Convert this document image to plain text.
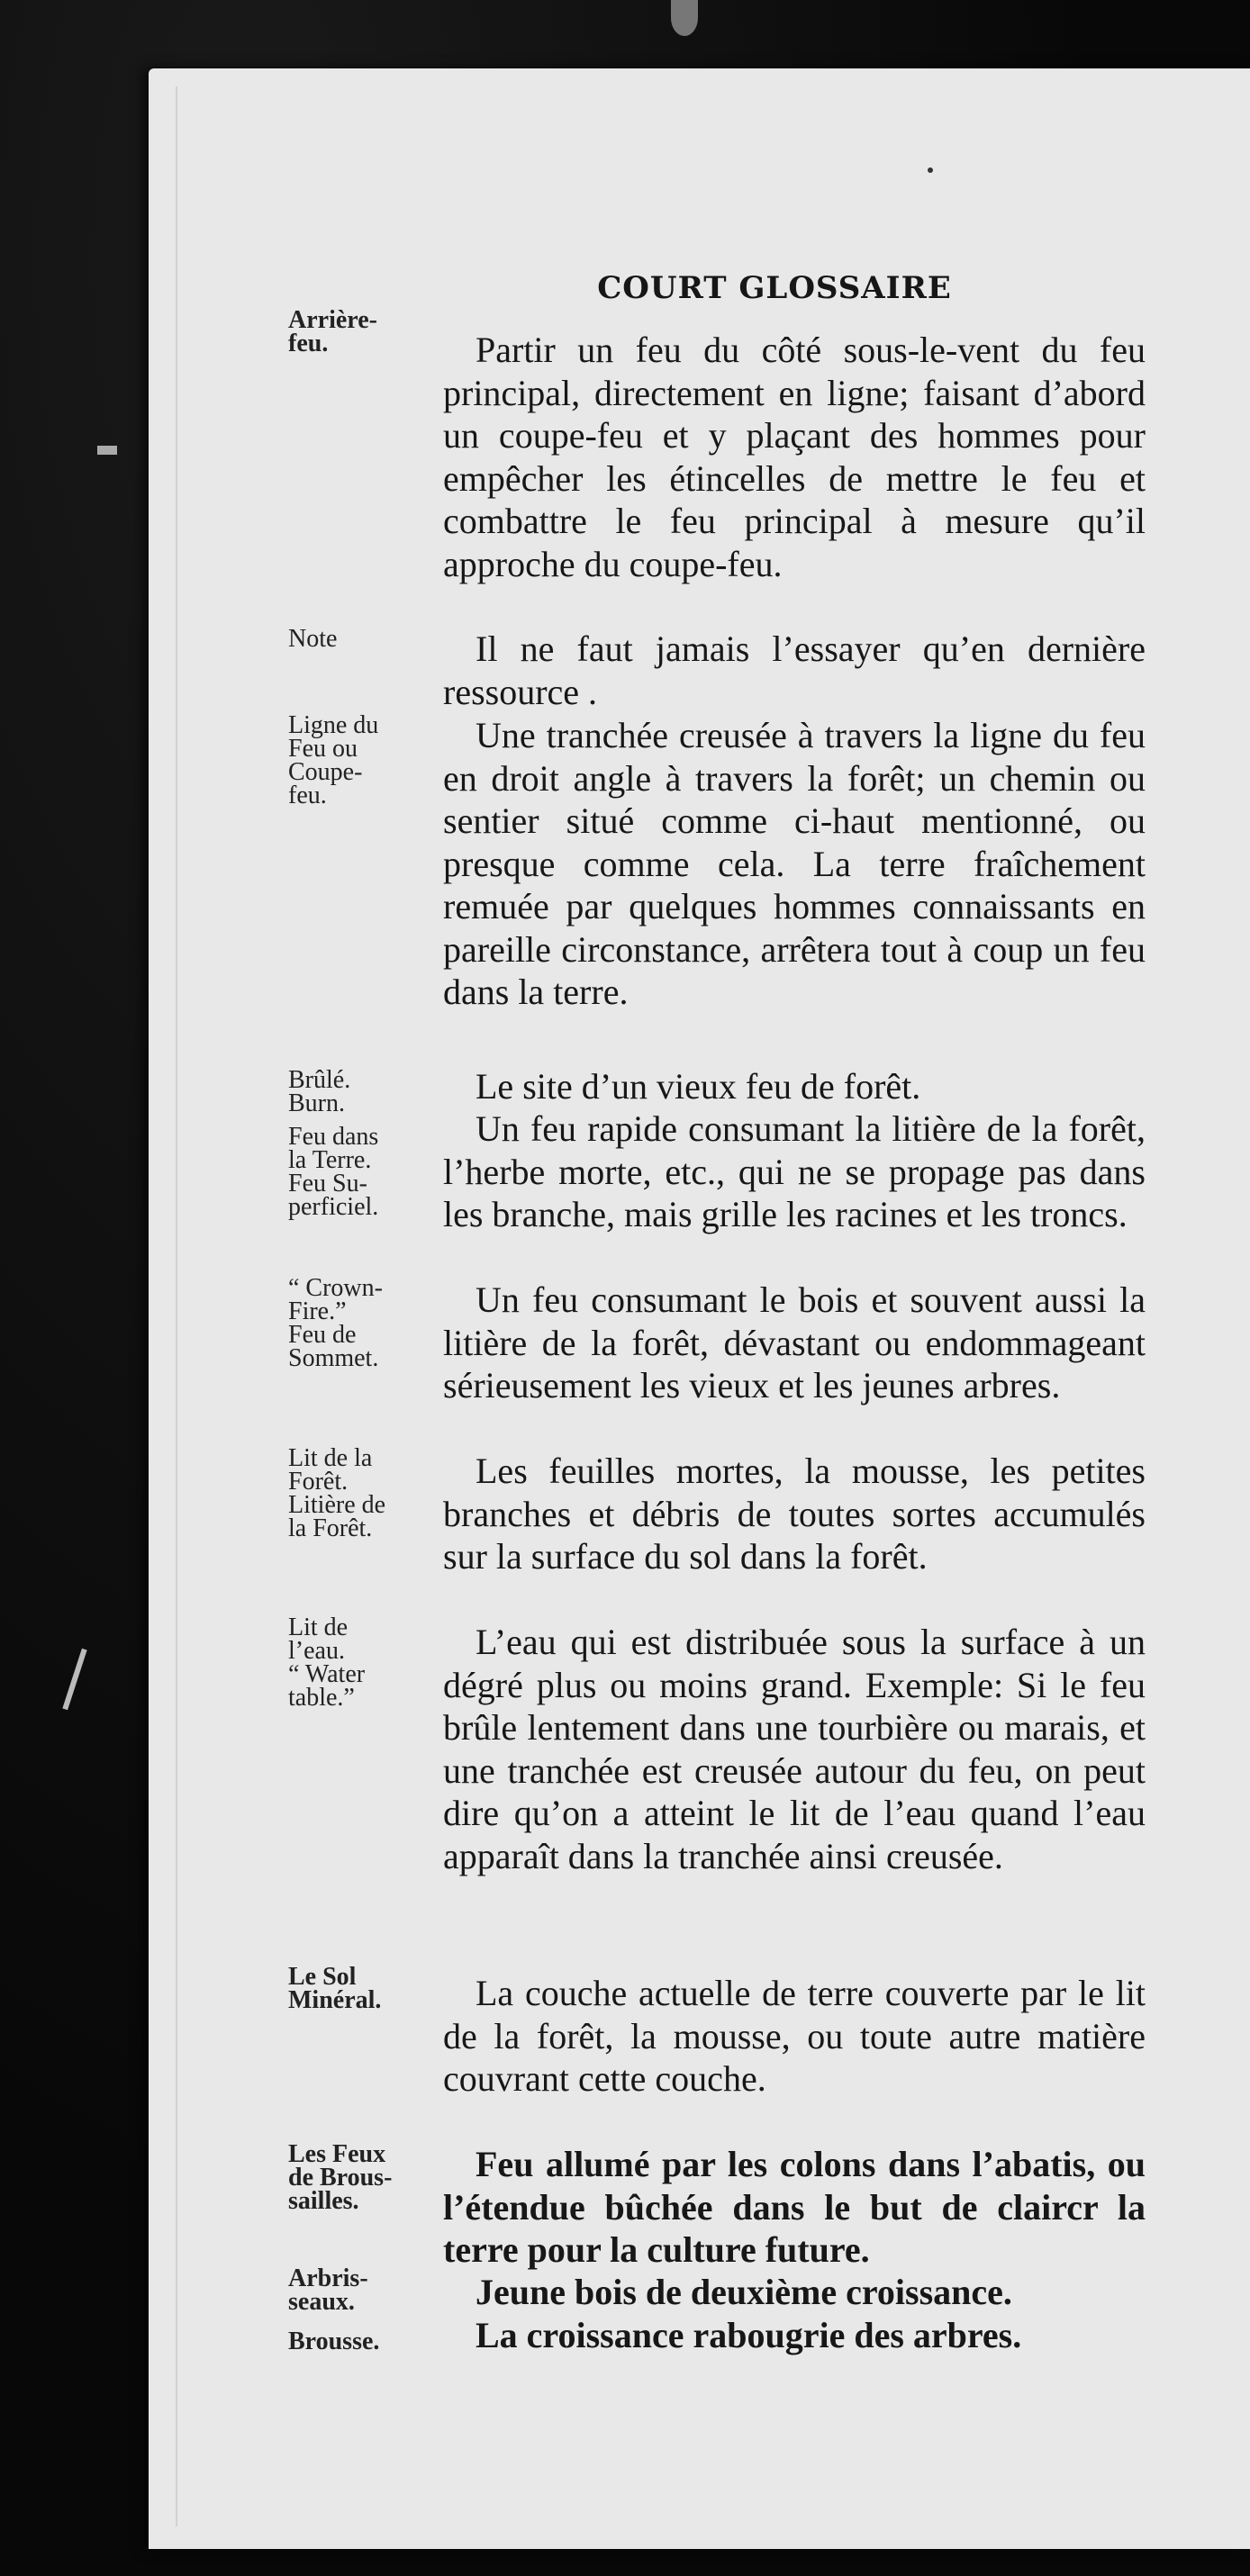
COURT GLOSSAIRE
Arrière-
feu.
Note
Ligne du
Feu ou
Coupe-
feu.
Brûlé.
Burn.
Feu dans
la Terre.
Feu Su-
perficiel.
“ Crown-
Fire.”
Feu de
Sommet.
Lit de la
Forêt.
Litière de
la Forêt.
Lit de
l’eau.
“ Water
table.”
Le Sol
Minéral.
Les Feux
de Brous-
sailles.
Arbris-
seaux.
Brousse.
Partir un feu du côté sous-le-vent du feu principal, directement en ligne; faisant d’abord un coupe-feu et y plaçant des hommes pour empêcher les étincelles de mettre le feu et combattre le feu principal à mesure qu’il approche du coupe-feu.
Il ne faut jamais l’essayer qu’en dernière ressource .
Une tranchée creusée à travers la ligne du feu en droit angle à travers la forêt; un chemin ou sentier situé comme ci-haut mentionné, ou presque comme cela. La terre fraîchement remuée par quelques hommes connaissants en pareille circonstance, arrêtera tout à coup un feu dans la terre.
Le site d’un vieux feu de forêt.
Un feu rapide consumant la litière de la forêt, l’herbe morte, etc., qui ne se propage pas dans les branche, mais grille les racines et les troncs.
Un feu consumant le bois et souvent aussi la litière de la forêt, dévastant ou endommageant sérieusement les vieux et les jeunes arbres.
Les feuilles mortes, la mousse, les petites branches et débris de toutes sortes accumulés sur la surface du sol dans la forêt.
L’eau qui est distribuée sous la surface à un dégré plus ou moins grand. Exemple: Si le feu brûle lentement dans une tourbière ou marais, et une tranchée est creusée autour du feu, on peut dire qu’on a atteint le lit de l’eau quand l’eau apparaît dans la tranchée ainsi creusée.
La couche actuelle de terre couverte par le lit de la forêt, la mousse, ou toute autre matière couvrant cette couche.
Feu allumé par les colons dans l’abatis, ou l’étendue bûchée dans le but de claircr la terre pour la culture future.
Jeune bois de deuxième croissance.
La croissance rabougrie des arbres.
